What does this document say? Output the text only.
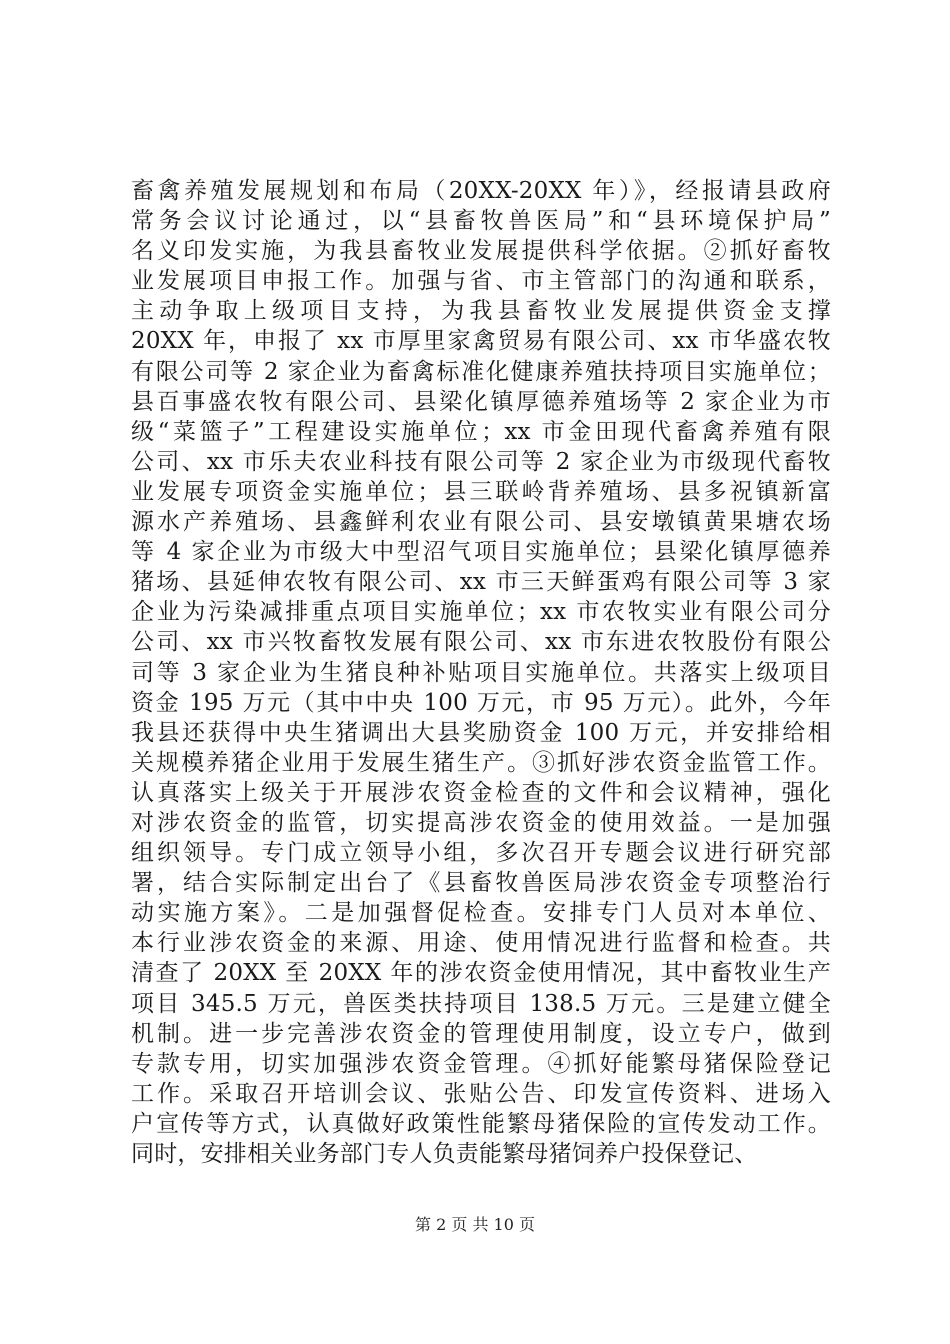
畜禽养殖发展规划和布局（20XX-20XX 年）》，经报请县政府
常务会议讨论通过，以“县畜牧兽医局”和“县环境保护局”
名义印发实施，为我县畜牧业发展提供科学依据。②抓好畜牧
业发展项目申报工作。加强与省、市主管部门的沟通和联系，
主动争取上级项目支持，为我县畜牧业发展提供资金支撑
20XX 年，申报了 xx 市厚里家禽贸易有限公司、xx 市华盛农牧
有限公司等 2 家企业为畜禽标准化健康养殖扶持项目实施单位；
县百事盛农牧有限公司、县梁化镇厚德养殖场等 2 家企业为市
级“菜篮子”工程建设实施单位；xx 市金田现代畜禽养殖有限
公司、xx 市乐夫农业科技有限公司等 2 家企业为市级现代畜牧
业发展专项资金实施单位；县三联岭背养殖场、县多祝镇新富
源水产养殖场、县鑫鲜利农业有限公司、县安墩镇黄果塘农场
等 4 家企业为市级大中型沼气项目实施单位；县梁化镇厚德养
猪场、县延伸农牧有限公司、xx 市三天鲜蛋鸡有限公司等 3 家
企业为污染减排重点项目实施单位；xx 市农牧实业有限公司分
公司、xx 市兴牧畜牧发展有限公司、xx 市东进农牧股份有限公
司等 3 家企业为生猪良种补贴项目实施单位。共落实上级项目
资金 195 万元（其中中央 100 万元，市 95 万元）。此外，今年
我县还获得中央生猪调出大县奖励资金 100 万元，并安排给相
关规模养猪企业用于发展生猪生产。③抓好涉农资金监管工作。
认真落实上级关于开展涉农资金检查的文件和会议精神，强化
对涉农资金的监管，切实提高涉农资金的使用效益。一是加强
组织领导。专门成立领导小组，多次召开专题会议进行研究部
署，结合实际制定出台了《县畜牧兽医局涉农资金专项整治行
动实施方案》。二是加强督促检查。安排专门人员对本单位、
本行业涉农资金的来源、用途、使用情况进行监督和检查。共
清查了 20XX 至 20XX 年的涉农资金使用情况，其中畜牧业生产
项目 345.5 万元，兽医类扶持项目 138.5 万元。三是建立健全
机制。进一步完善涉农资金的管理使用制度，设立专户，做到
专款专用，切实加强涉农资金管理。④抓好能繁母猪保险登记
工作。采取召开培训会议、张贴公告、印发宣传资料、进场入
户宣传等方式，认真做好政策性能繁母猪保险的宣传发动工作。
同时，安排相关业务部门专人负责能繁母猪饲养户投保登记、
第 2 页 共 10 页
